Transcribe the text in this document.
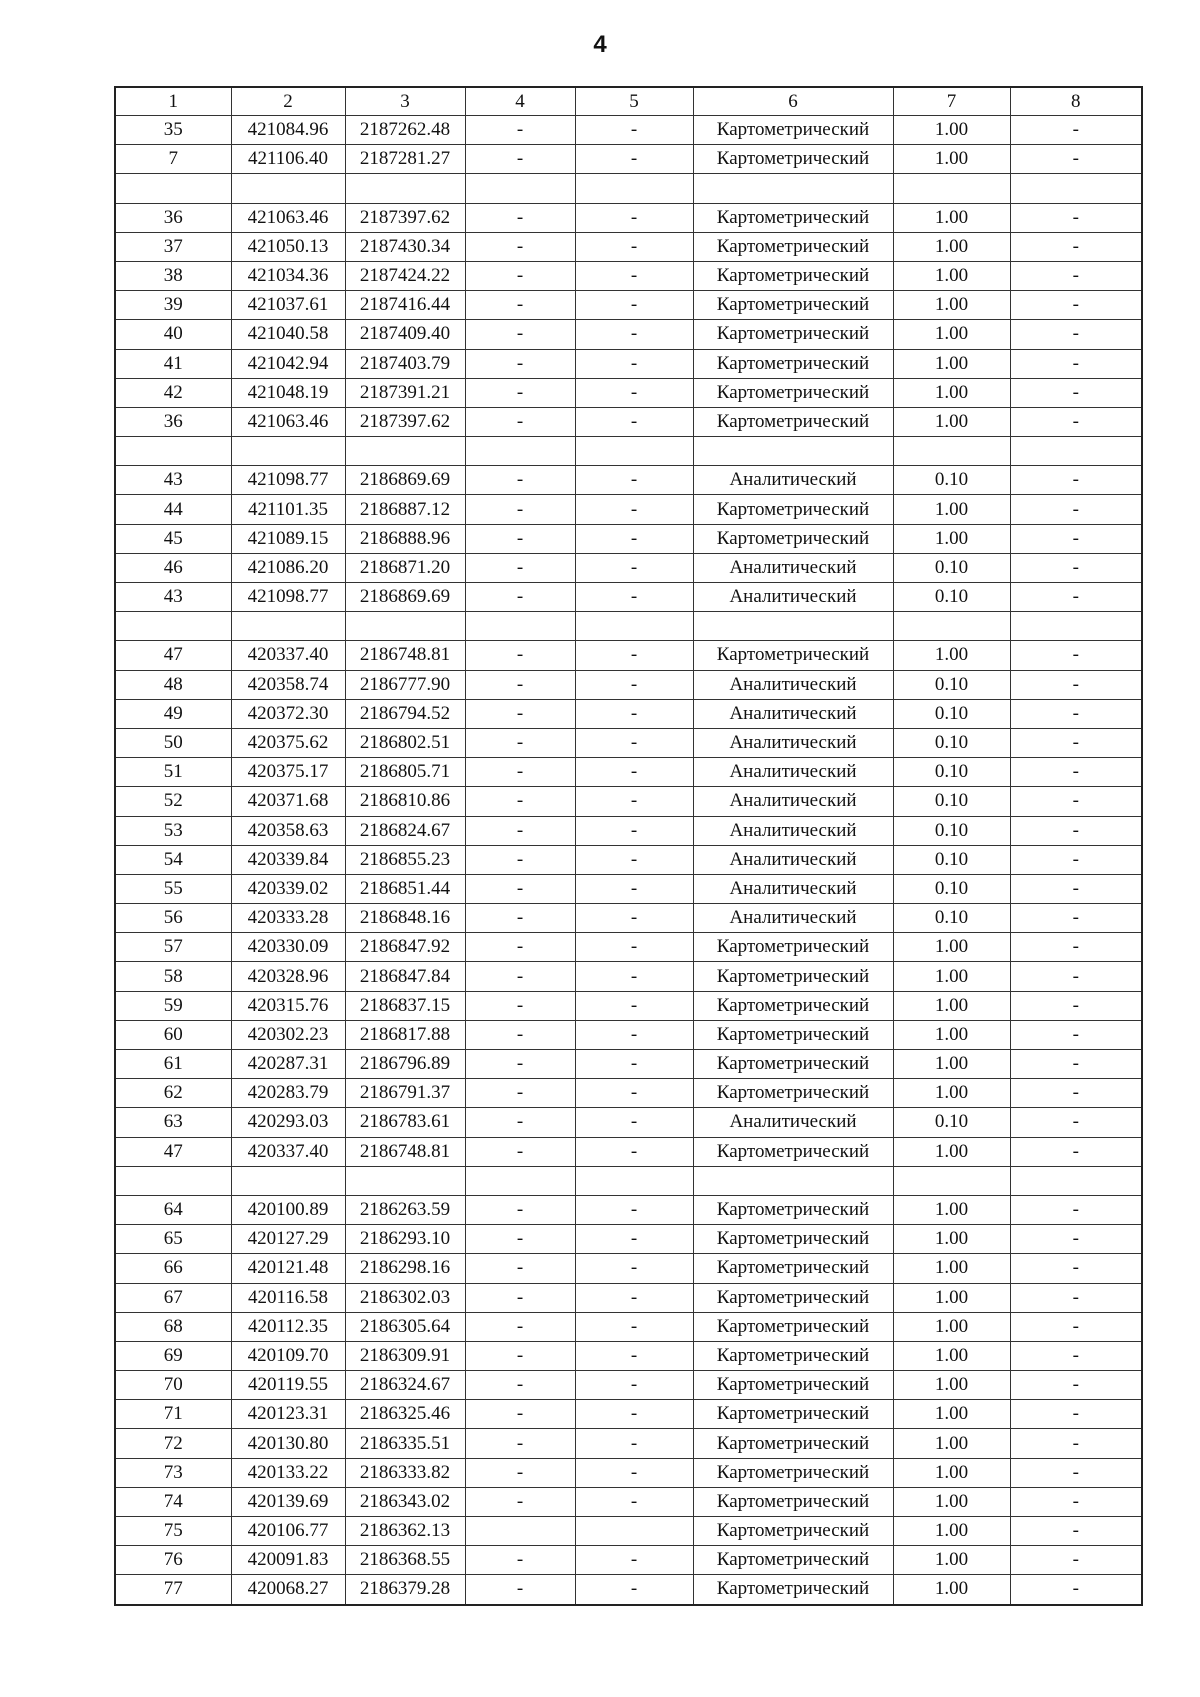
4
1	2	3	4	5	6	7	8
35	421084.96	2187262.48	-	-	Картометрический	1.00	-
7	421106.40	2187281.27	-	-	Картометрический	1.00	-

36	421063.46	2187397.62	-	-	Картометрический	1.00	-
37	421050.13	2187430.34	-	-	Картометрический	1.00	-
38	421034.36	2187424.22	-	-	Картометрический	1.00	-
39	421037.61	2187416.44	-	-	Картометрический	1.00	-
40	421040.58	2187409.40	-	-	Картометрический	1.00	-
41	421042.94	2187403.79	-	-	Картометрический	1.00	-
42	421048.19	2187391.21	-	-	Картометрический	1.00	-
36	421063.46	2187397.62	-	-	Картометрический	1.00	-

43	421098.77	2186869.69	-	-	Аналитический	0.10	-
44	421101.35	2186887.12	-	-	Картометрический	1.00	-
45	421089.15	2186888.96	-	-	Картометрический	1.00	-
46	421086.20	2186871.20	-	-	Аналитический	0.10	-
43	421098.77	2186869.69	-	-	Аналитический	0.10	-

47	420337.40	2186748.81	-	-	Картометрический	1.00	-
48	420358.74	2186777.90	-	-	Аналитический	0.10	-
49	420372.30	2186794.52	-	-	Аналитический	0.10	-
50	420375.62	2186802.51	-	-	Аналитический	0.10	-
51	420375.17	2186805.71	-	-	Аналитический	0.10	-
52	420371.68	2186810.86	-	-	Аналитический	0.10	-
53	420358.63	2186824.67	-	-	Аналитический	0.10	-
54	420339.84	2186855.23	-	-	Аналитический	0.10	-
55	420339.02	2186851.44	-	-	Аналитический	0.10	-
56	420333.28	2186848.16	-	-	Аналитический	0.10	-
57	420330.09	2186847.92	-	-	Картометрический	1.00	-
58	420328.96	2186847.84	-	-	Картометрический	1.00	-
59	420315.76	2186837.15	-	-	Картометрический	1.00	-
60	420302.23	2186817.88	-	-	Картометрический	1.00	-
61	420287.31	2186796.89	-	-	Картометрический	1.00	-
62	420283.79	2186791.37	-	-	Картометрический	1.00	-
63	420293.03	2186783.61	-	-	Аналитический	0.10	-
47	420337.40	2186748.81	-	-	Картометрический	1.00	-

64	420100.89	2186263.59	-	-	Картометрический	1.00	-
65	420127.29	2186293.10	-	-	Картометрический	1.00	-
66	420121.48	2186298.16	-	-	Картометрический	1.00	-
67	420116.58	2186302.03	-	-	Картометрический	1.00	-
68	420112.35	2186305.64	-	-	Картометрический	1.00	-
69	420109.70	2186309.91	-	-	Картометрический	1.00	-
70	420119.55	2186324.67	-	-	Картометрический	1.00	-
71	420123.31	2186325.46	-	-	Картометрический	1.00	-
72	420130.80	2186335.51	-	-	Картометрический	1.00	-
73	420133.22	2186333.82	-	-	Картометрический	1.00	-
74	420139.69	2186343.02	-	-	Картометрический	1.00	-
75	420106.77	2186362.13			Картометрический	1.00	-
76	420091.83	2186368.55	-	-	Картометрический	1.00	-
77	420068.27	2186379.28	-	-	Картометрический	1.00	-
